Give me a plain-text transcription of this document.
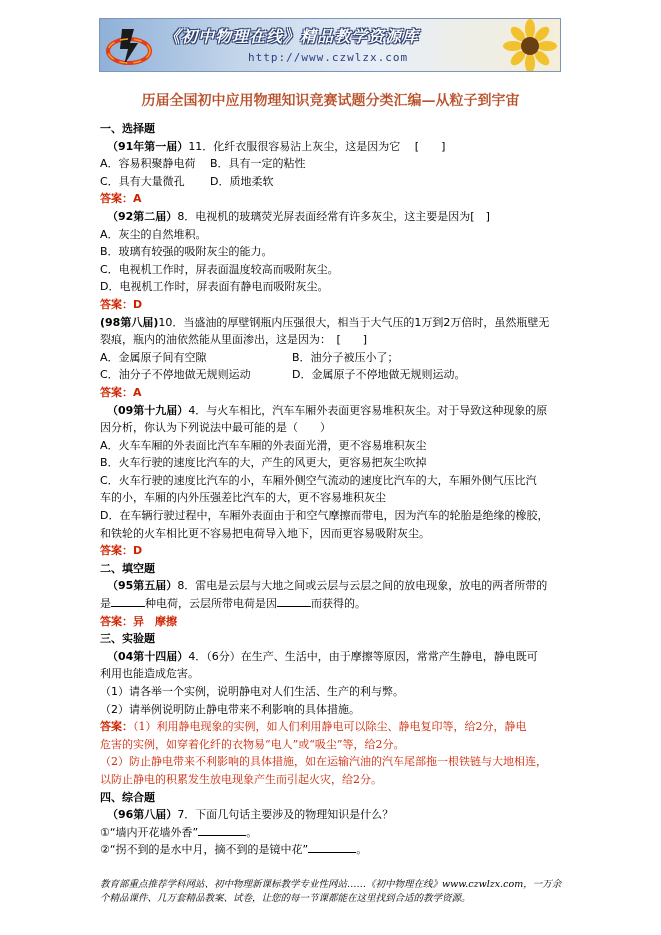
《初中物理在线》精品教学资源库
http://www.czwlzx.com
历届全国初中应用物理知识竞赛试题分类汇编—从粒子到宇宙
一、选择题
（91年第一届）11．化纤衣服很容易沾上灰尘，这是因为它　 [　　]
A．容易积聚静电荷 B．具有一定的粘性
C．具有大量微孔 D．质地柔软
答案：A
（92第二届）8．电视机的玻璃荧光屏表面经常有许多灰尘，这主要是因为[　]
A．灰尘的自然堆积。
B．玻璃有较强的吸附灰尘的能力。
C．电视机工作时，屏表面温度较高而吸附灰尘。
D．电视机工作时，屏表面有静电而吸附灰尘。
答案：D
(98第八届)10．当盛油的厚壁钢瓶内压强很大，相当于大气压的1万到2万倍时，虽然瓶壁无
裂痕，瓶内的油依然能从里面渗出，这是因为：　[　　]
A．金属原子间有空隙	B．油分子被压小了；
C．油分子不停地做无规则运动	D．金属原子不停地做无规则运动。
答案：A
（09第十九届）4．与火车相比，汽车车厢外表面更容易堆积灰尘。对于导致这种现象的原
因分析，你认为下列说法中最可能的是（　　）
A．火车车厢的外表面比汽车车厢的外表面光滑，更不容易堆积灰尘
B．火车行驶的速度比汽车的大，产生的风更大，更容易把灰尘吹掉
C．火车行驶的速度比汽车的小，车厢外侧空气流动的速度比汽车的大，车厢外侧气压比汽
车的小，车厢的内外压强差比汽车的大，更不容易堆积灰尘
D．在车辆行驶过程中，车厢外表面由于和空气摩擦而带电，因为汽车的轮胎是绝缘的橡胶，
和铁轮的火车相比更不容易把电荷导入地下，因而更容易吸附灰尘。
答案：D
二、填空题
（95第五届）8．雷电是云层与大地之间或云层与云层之间的放电现象，放电的两者所带的
是	种电荷，云层所带电荷是因	而获得的。
答案：异　摩擦
三、实验题
（04第十四届）4．（6分）在生产、生活中，由于摩擦等原因，常常产生静电，静电既可
利用也能造成危害。
（1）请各举一个实例，说明静电对人们生活、生产的利与弊。
（2）请举例说明防止静电带来不利影响的具体措施。
答案：（1）利用静电现象的实例，如人们利用静电可以除尘、静电复印等，给2分，静电
危害的实例，如穿着化纤的衣物易“电人”或“吸尘”等，给2分。
（2）防止静电带来不利影响的具体措施，如在运输汽油的汽车尾部拖一根铁链与大地相连，
以防止静电的积累发生放电现象产生而引起火灾，给2分。
四、综合题
（96第八届）7．下面几句话主要涉及的物理知识是什么？
①“墙内开花墙外香”	。
②“拐不到的是水中月，摘不到的是镜中花”	。
教育部重点推荐学科网站、初中物理新课标教学专业性网站……《初中物理在线》www.czwlzx.com，一万余
个精品课件、几万套精品教案、试卷，让您的每一节课都能在这里找到合适的教学资源。
